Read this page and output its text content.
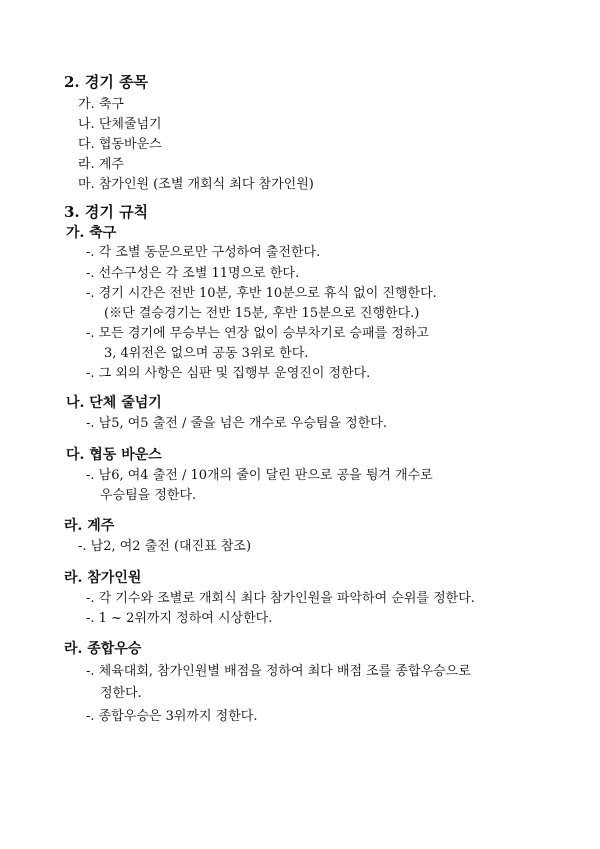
2. 경기 종목
가. 축구
나. 단체줄넘기
다. 협동바운스
라. 계주
마. 참가인원 (조별 개회식 최다 참가인원)
3. 경기 규칙
가. 축구
-. 각 조별 동문으로만 구성하여 출전한다.
-. 선수구성은 각 조별 11명으로 한다.
-. 경기 시간은 전반 10분, 후반 10분으로 휴식 없이 진행한다.
(※단 결승경기는 전반 15분, 후반 15분으로 진행한다.)
-. 모든 경기에 무승부는 연장 없이 승부차기로 승패를 정하고
3, 4위전은 없으며 공동 3위로 한다.
-. 그 외의 사항은 심판 및 집행부 운영진이 정한다.
나. 단체 줄넘기
-. 남5, 여5 출전 / 줄을 넘은 개수로 우승팀을 정한다.
다. 협동 바운스
-. 남6, 여4 출전 / 10개의 줄이 달린 판으로 공을 튕겨 개수로
우승팀을 정한다.
라. 계주
-. 남2, 여2 출전 (대진표 참조)
라. 참가인원
-. 각 기수와 조별로 개회식 최다 참가인원을 파악하여 순위를 정한다.
-. 1 ~ 2위까지 정하여 시상한다.
라. 종합우승
-. 체육대회, 참가인원별 배점을 정하여 최다 배점 조를 종합우승으로
정한다.
-. 종합우승은 3위까지 정한다.
